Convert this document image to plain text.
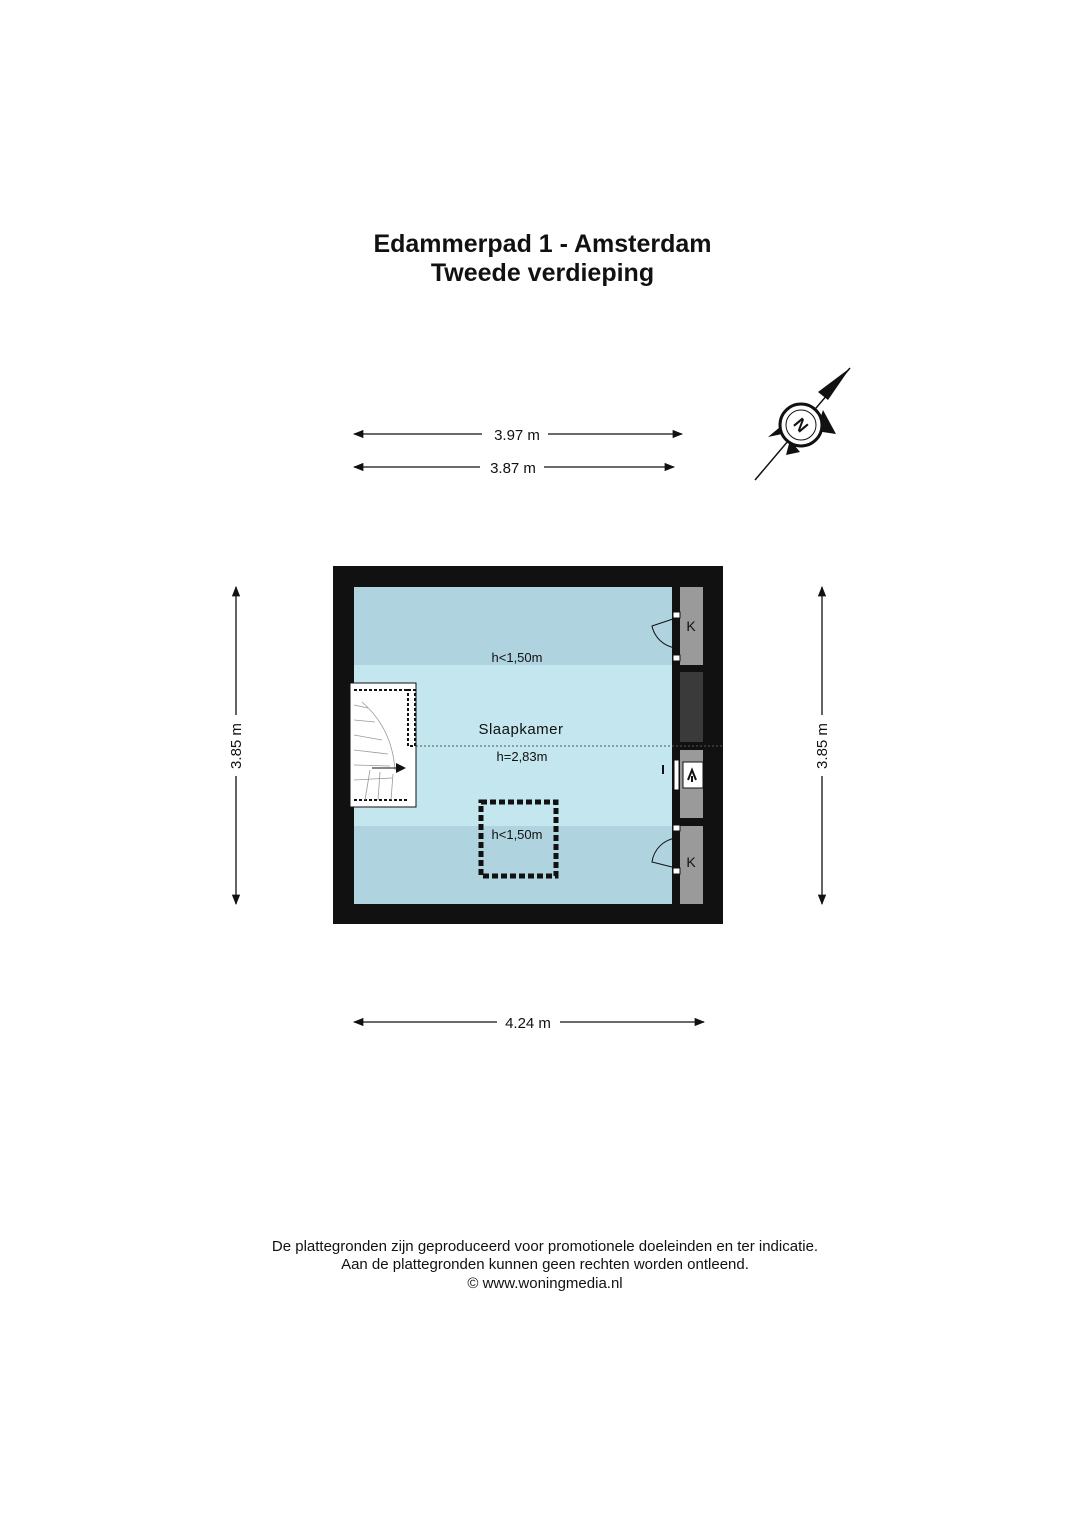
Edammerpad 1 - Amsterdam
Tweede verdieping
3.97 m
3.87 m
N
K
K
h<1,50m
Slaapkamer
h=2,83m
h<1,50m
3.85 m	3.85 m
4.24 m
De plattegronden zijn geproduceerd voor promotionele doeleinden en ter indicatie.
Aan de plattegronden kunnen geen rechten worden ontleend.
© www.woningmedia.nl
